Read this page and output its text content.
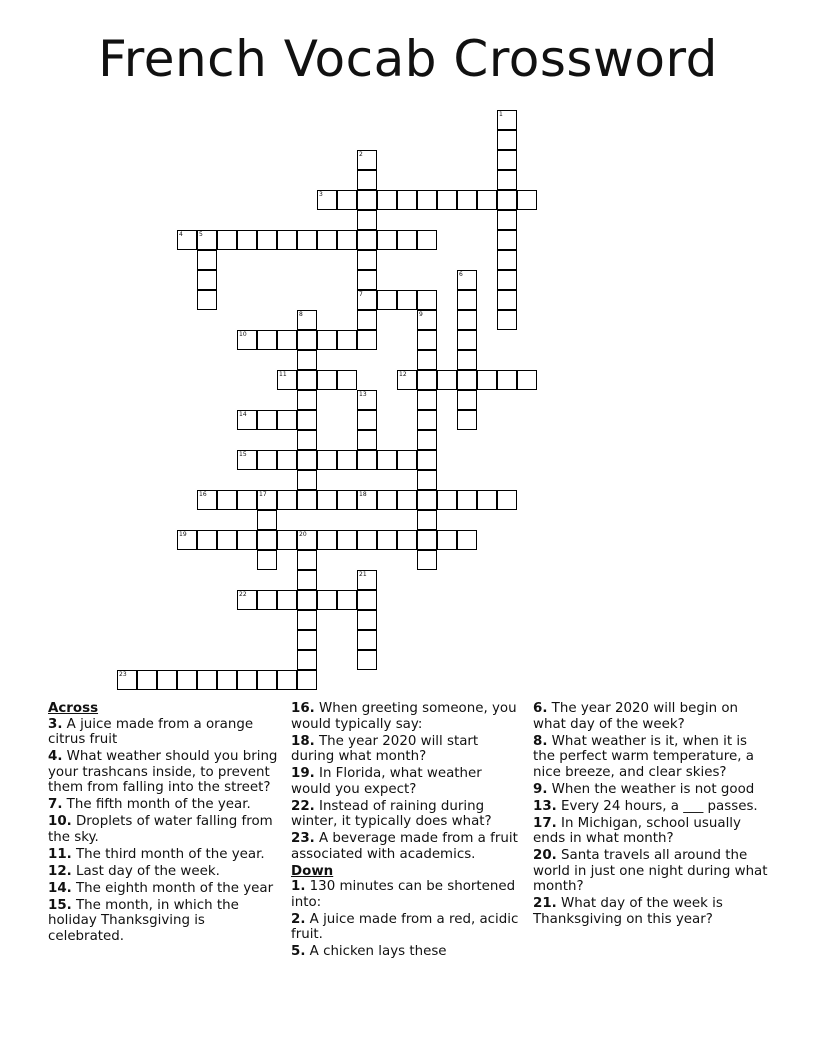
French Vocab Crossword
1
2
7
3
4	5
6
8	9
10
11	12
13
14
15
16	17	18
19	20
21
22
23
Across
3. A juice made from a orange citrus fruit
4. What weather should you bring your trashcans inside, to prevent them from falling into the street?
7. The fifth month of the year.
10. Droplets of water falling from the sky.
11. The third month of the year.
12. Last day of the week.
14. The eighth month of the year
15. The month, in which the holiday Thanksgiving is celebrated.
16. When greeting someone, you would typically say:
18. The year 2020 will start during what month?
19. In Florida, what weather would you expect?
22. Instead of raining during winter, it typically does what?
23. A beverage made from a fruit associated with academics.
Down
1. 130 minutes can be shortened into:
2. A juice made from a red, acidic fruit.
5. A chicken lays these
6. The year 2020 will begin on what day of the week?
8. What weather is it, when it is the perfect warm temperature, a nice breeze, and clear skies?
9. When the weather is not good
13. Every 24 hours, a ___ passes.
17. In Michigan, school usually ends in what month?
20. Santa travels all around the world in just one night during what month?
21. What day of the week is Thanksgiving on this year?
